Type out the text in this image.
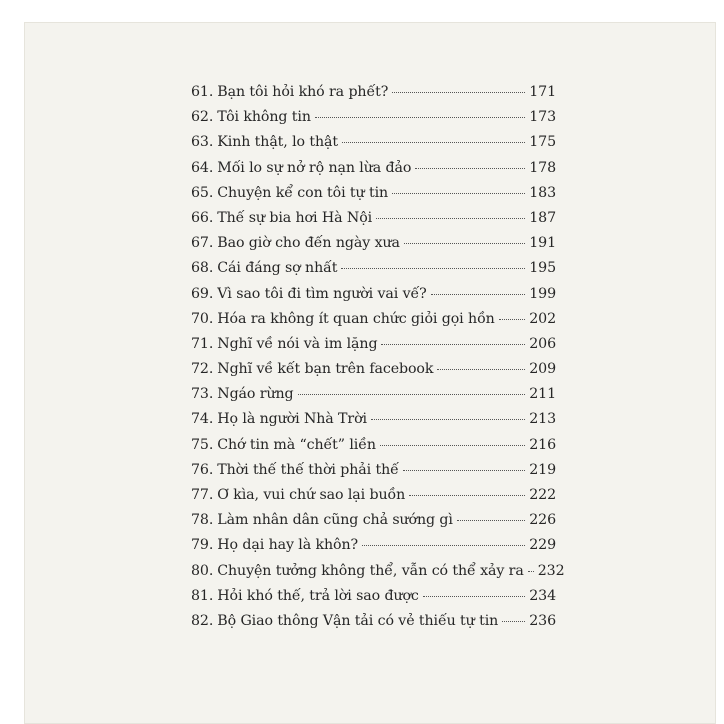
61. Bạn tôi hỏi khó ra phết?	171
62. Tôi không tin	173
63. Kinh thật, lo thật	175
64. Mối lo sự nở rộ nạn lừa đảo	178
65. Chuyện kể con tôi tự tin	183
66. Thế sự bia hơi Hà Nội	187
67. Bao giờ cho đến ngày xưa	191
68. Cái đáng sợ nhất	195
69. Vì sao tôi đi tìm người vai vế?	199
70. Hóa ra không ít quan chức giỏi gọi hồn 202
71. Nghĩ về nói và im lặng	206
72. Nghĩ về kết bạn trên facebook	209
73. Ngáo rừng	211
74. Họ là người Nhà Trời	213
75. Chớ tin mà “chết” liền	216
76. Thời thế thế thời phải thế	219
77. Ơ kìa, vui chứ sao lại buồn	222
78. Làm nhân dân cũng chả sướng gì	226
79. Họ dại hay là khôn?	229
80. Chuyện tưởng không thể, vẫn có thể xảy ra 232
81. Hỏi khó thế, trả lời sao được	234
82. Bộ Giao thông Vận tải có vẻ thiếu tự tin 236
